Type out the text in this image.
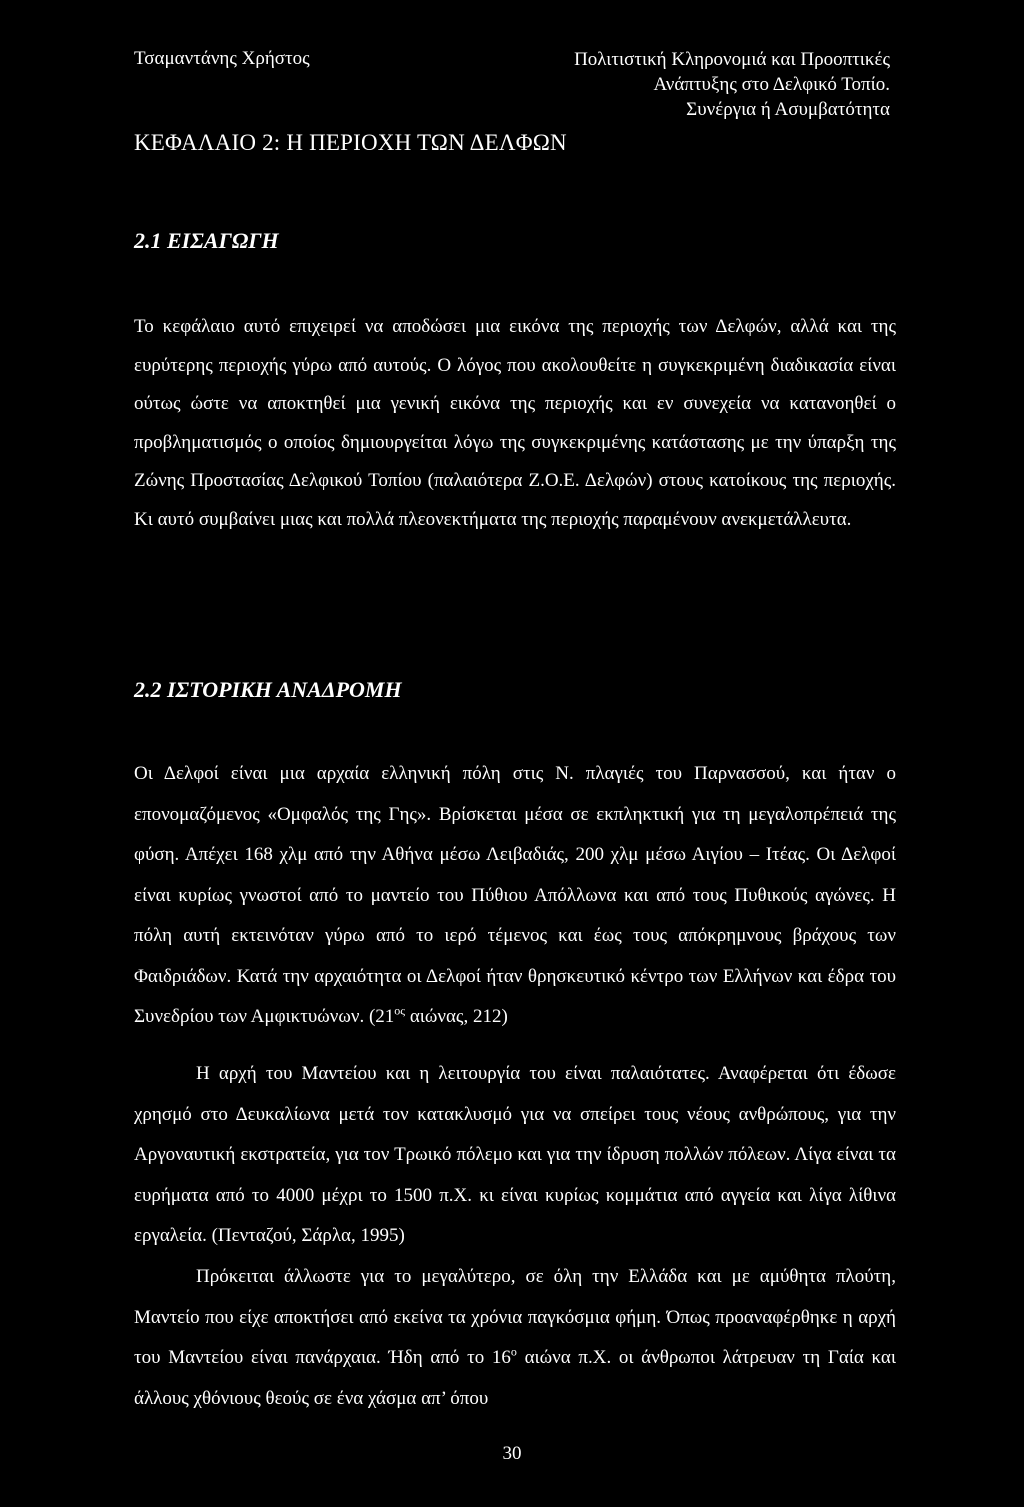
Τσαμαντάνης Χρήστος	Πολιτιστική Κληρονομιά και Προοπτικές
Ανάπτυξης στο Δελφικό Τοπίο.
Συνέργια ή Ασυμβατότητα
ΚΕΦΑΛΑΙΟ 2: Η ΠΕΡΙΟΧΗ ΤΩΝ ΔΕΛΦΩΝ
2.1 ΕΙΣΑΓΩΓΗ

Το κεφάλαιο αυτό επιχειρεί να αποδώσει μια εικόνα της περιοχής των Δελφών, αλλά και της ευρύτερης περιοχής γύρω από αυτούς. Ο λόγος που ακολουθείτε η συγκεκριμένη διαδικασία είναι ούτως ώστε να αποκτηθεί μια γενική εικόνα της περιοχής και εν συνεχεία να κατανοηθεί ο προβληματισμός ο οποίος δημιουργείται λόγω της συγκεκριμένης κατάστασης με την ύπαρξη της Ζώνης Προστασίας Δελφικού Τοπίου (παλαιότερα Ζ.Ο.Ε. Δελφών) στους κατοίκους της περιοχής. Κι αυτό συμβαίνει μιας και πολλά πλεονεκτήματα της περιοχής παραμένουν ανεκμετάλλευτα.

2.2 ΙΣΤΟΡΙΚΗ ΑΝΑΔΡΟΜΗ

Οι Δελφοί είναι μια αρχαία ελληνική πόλη στις Ν. πλαγιές του Παρνασσού, και ήταν ο επονομαζόμενος «Ομφαλός της Γης». Βρίσκεται μέσα σε εκπληκτική για τη μεγαλοπρέπειά της φύση. Απέχει 168 χλμ από την Αθήνα μέσω Λειβαδιάς, 200 χλμ μέσω Αιγίου – Ιτέας. Οι Δελφοί είναι κυρίως γνωστοί από το μαντείο του Πύθιου Απόλλωνα και από τους Πυθικούς αγώνες. Η πόλη αυτή εκτεινόταν γύρω από το ιερό τέμενος και έως τους απόκρημνους βράχους των Φαιδριάδων. Κατά την αρχαιότητα οι Δελφοί ήταν θρησκευτικό κέντρο των Ελλήνων και έδρα του Συνεδρίου των Αμφικτυώνων. ($21^{o\varsigma}$ αιώνας, 212)

Η αρχή του Μαντείου και η λειτουργία του είναι παλαιότατες. Αναφέρεται ότι έδωσε χρησμό στο Δευκαλίωνα μετά τον κατακλυσμό για να σπείρει τους νέους ανθρώπους, για την Αργοναυτική εκστρατεία, για τον Τρωικό πόλεμο και για την ίδρυση πολλών πόλεων. Λίγα είναι τα ευρήματα από το 4000 μέχρι το 1500 π.Χ. κι είναι κυρίως κομμάτια από αγγεία και λίγα λίθινα εργαλεία. (Πενταζού, Σάρλα, 1995)

Πρόκειται άλλωστε για το μεγαλύτερο, σε όλη την Ελλάδα και με αμύθητα πλούτη, Μαντείο που είχε αποκτήσει από εκείνα τα χρόνια παγκόσμια φήμη. Όπως προαναφέρθηκε η αρχή του Μαντείου είναι πανάρχαια. Ήδη από το $16^o$ αιώνα π.Χ. οι άνθρωποι λάτρευαν τη Γαία και άλλους χθόνιους θεούς σε ένα χάσμα απ’ όπου

30
